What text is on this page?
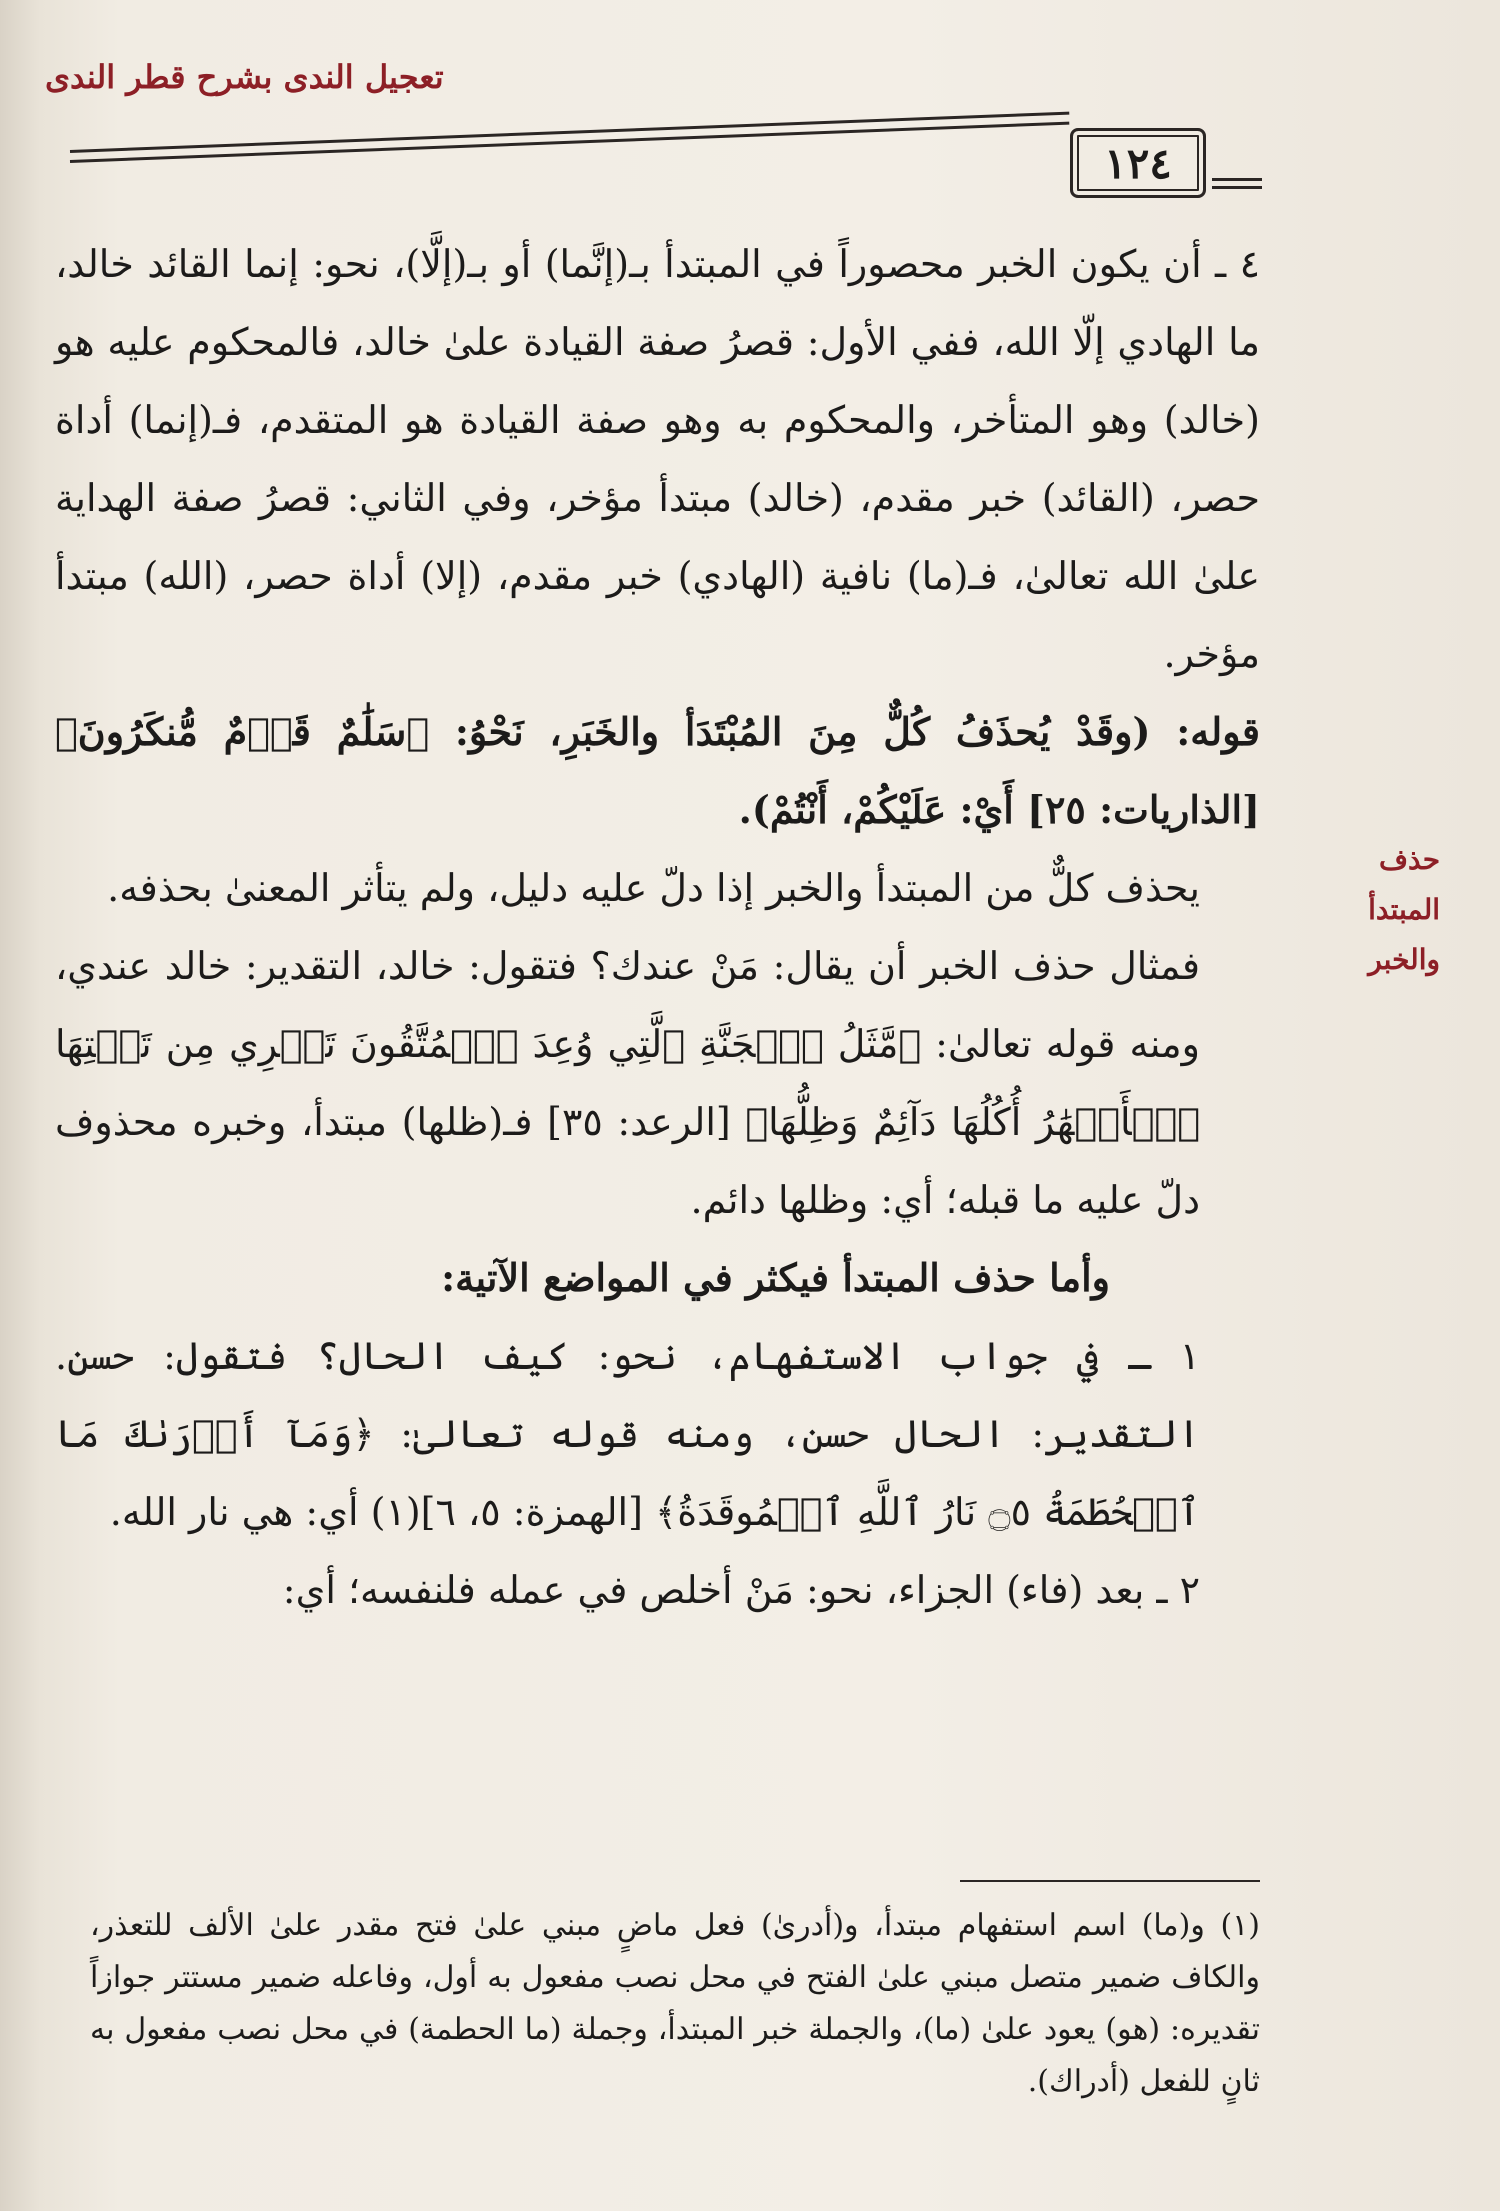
تعجيل الندى بشرح قطر الندى
١٢٤

٤ ـ أن يكون الخبر محصوراً في المبتدأ بـ(إنَّما) أو بـ(إلَّا)، نحو: إنما القائد خالد، ما الهادي إلّا الله، ففي الأول: قصرُ صفة القيادة علىٰ خالد، فالمحكوم عليه هو (خالد) وهو المتأخر، والمحكوم به وهو صفة القيادة هو المتقدم، فـ(إنما) أداة حصر، (القائد) خبر مقدم، (خالد) مبتدأ مؤخر، وفي الثاني: قصرُ صفة الهداية علىٰ الله تعالىٰ، فـ(ما) نافية (الهادي) خبر مقدم، (إلا) أداة حصر، (الله) مبتدأ مؤخر.

قوله: (وقَدْ يُحذَفُ كُلٌّ مِنَ المُبْتَدَأ والخَبَرِ، نَحْوُ: ﴿سَلَٰمٌ قَوۡمٌ مُّنكَرُونَ﴾ [الذاريات: ٢٥] أَيْ: عَلَيْكُمْ، أَنْتُمْ).

يحذف كلٌّ من المبتدأ والخبر إذا دلّ عليه دليل، ولم يتأثر المعنىٰ بحذفه.

فمثال حذف الخبر أن يقال: مَنْ عندك؟ فتقول: خالد، التقدير: خالد عندي، ومنه قوله تعالىٰ: ﴿مَّثَلُ ٱلۡجَنَّةِ ٱلَّتِي وُعِدَ ٱلۡمُتَّقُونَ تَجۡرِي مِن تَحۡتِهَا ٱلۡأَنۡهَٰرُ أُكُلُهَا دَآئِمٌ وَظِلُّهَا﴾ [الرعد: ٣٥] فـ(ظلها) مبتدأ، وخبره محذوف دلّ عليه ما قبله؛ أي: وظلها دائم.

وأما حذف المبتدأ فيكثر في المواضع الآتية:

١ ـ في جواب الاستفهام، نحو: كيف الحال؟ فتقول: حسن. التقدير: الحال حسن، ومنه قوله تعالىٰ: ﴿وَمَآ أَدۡرَىٰكَ مَا ٱلۡحُطَمَةُ ۝٥ نَارُ ٱللَّهِ ٱلۡمُوقَدَةُ﴾ [الهمزة: ٥، ٦](١) أي: هي نار الله.

٢ ـ بعد (فاء) الجزاء، نحو: مَنْ أخلص في عمله فلنفسه؛ أي:

حذف المبتدأ والخبر

(١) و(ما) اسم استفهام مبتدأ، و(أدرىٰ) فعل ماضٍ مبني علىٰ فتح مقدر علىٰ الألف للتعذر، والكاف ضمير متصل مبني علىٰ الفتح في محل نصب مفعول به أول، وفاعله ضمير مستتر جوازاً تقديره: (هو) يعود علىٰ (ما)، والجملة خبر المبتدأ، وجملة (ما الحطمة) في محل نصب مفعول به ثانٍ للفعل (أدراك).
